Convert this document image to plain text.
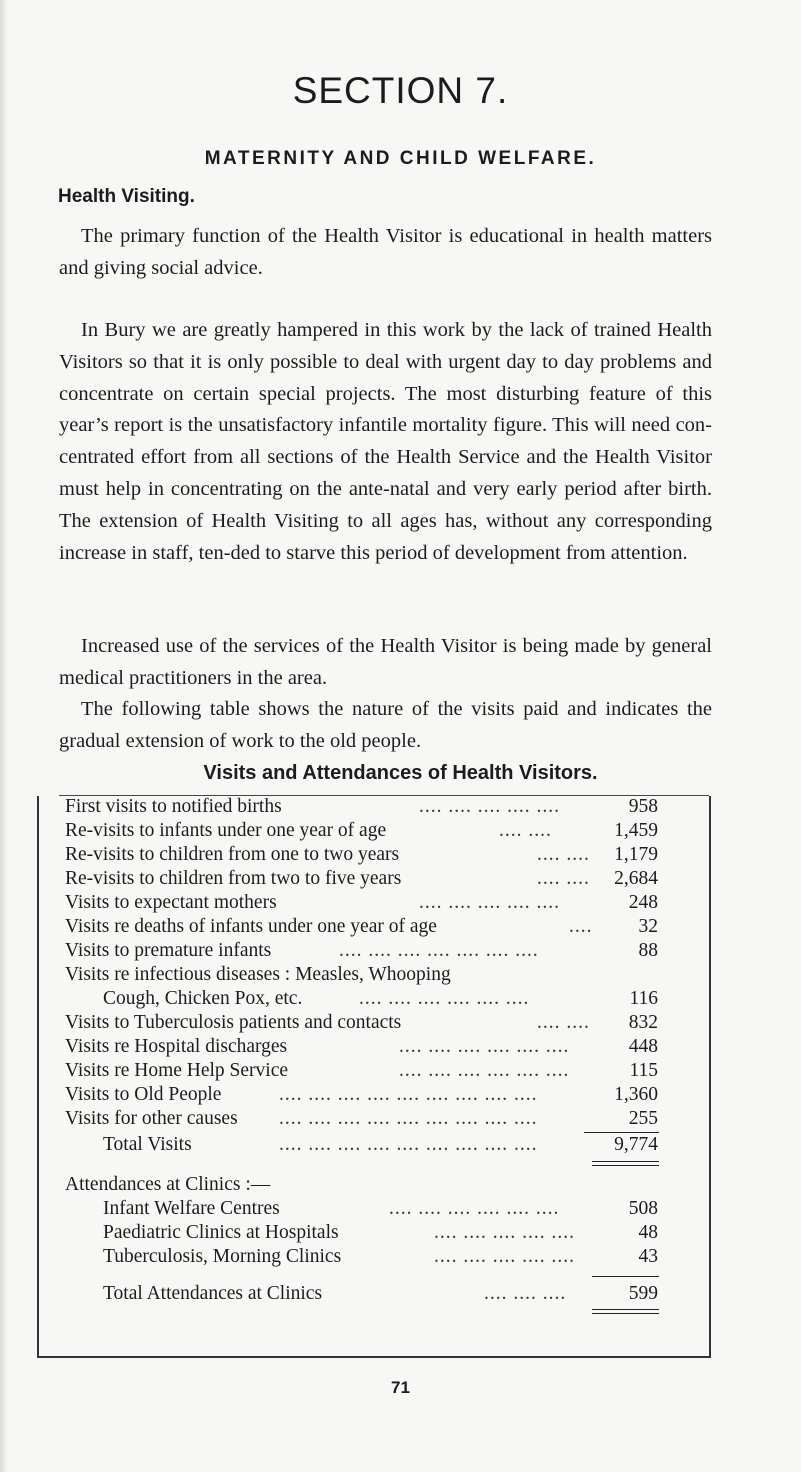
SECTION 7.
MATERNITY AND CHILD WELFARE.
Health Visiting.

The primary function of the Health Visitor is educational in health matters and giving social advice.

In Bury we are greatly hampered in this work by the lack of trained Health Visitors so that it is only possible to deal with urgent day to day problems and concentrate on certain special projects. The most disturbing feature of this year’s report is the unsatisfactory infantile mortality figure. This will need con-centrated effort from all sections of the Health Service and the Health Visitor must help in concentrating on the ante-natal and very early period after birth. The extension of Health Visiting to all ages has, without any corresponding increase in staff, ten-ded to starve this period of development from attention.

Increased use of the services of the Health Visitor is being made by general medical practitioners in the area.

The following table shows the nature of the visits paid and indicates the gradual extension of work to the old people.

Visits and Attendances of Health Visitors.
First visits to notified births	.... .... .... .... ....	958
Re-visits to infants under one year of age	.... ....	1,459
Re-visits to children from one to two years	.... .... 1,179
Re-visits to children from two to five years	.... .... 2,684
Visits to expectant mothers	.... .... .... .... ....	248
Visits re deaths of infants under one year of age	.... 32
Visits to premature infants	.... .... .... .... .... .... ....	88
Visits re infectious diseases : Measles, Whooping
Cough, Chicken Pox, etc.	.... .... .... .... .... ....	116
Visits to Tuberculosis patients and contacts	.... .... 832
Visits re Hospital discharges	.... .... .... .... .... ....	448
Visits re Home Help Service	.... .... .... .... .... ....	115
Visits to Old People	.... .... .... .... .... .... .... .... ....	1,360
Visits for other causes .... .... .... .... .... .... .... .... ....	255
Total Visits	.... .... .... .... .... .... .... .... ....	9,774
Attendances at Clinics :—
Infant Welfare Centres	.... .... .... .... .... ....	508
Paediatric Clinics at Hospitals	.... .... .... .... ....	48
Tuberculosis, Morning Clinics	.... .... .... .... ....	43
Total Attendances at Clinics	.... .... ....	599
71
